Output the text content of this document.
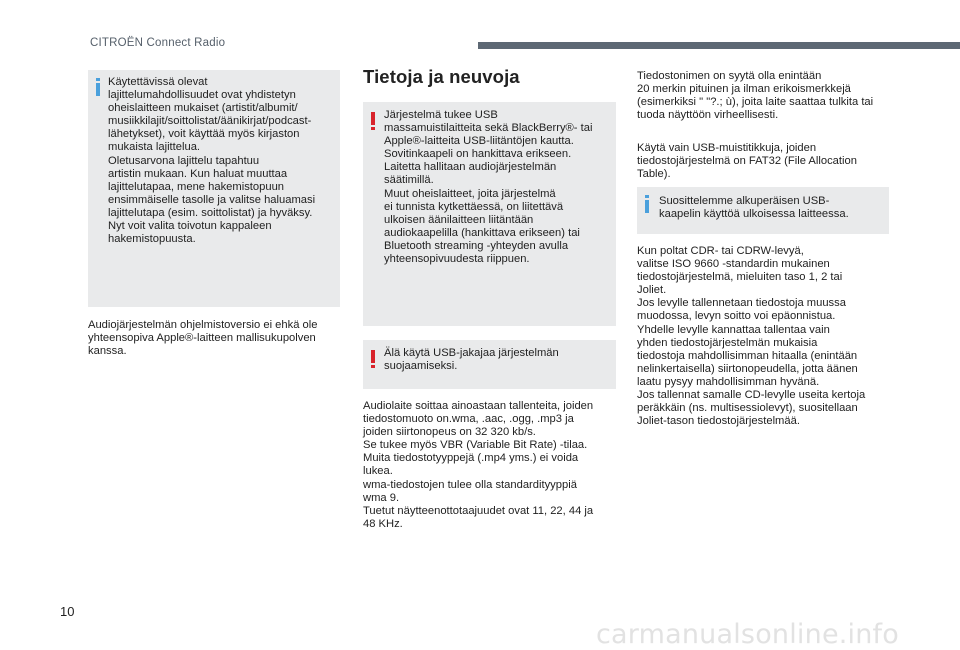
CITROËN Connect Radio

Käytettävissä olevat
lajittelumahdollisuudet ovat yhdistetyn
oheislaitteen mukaiset (artistit/albumit/
musiikkilajit/soittolistat/äänikirjat/podcast-
lähetykset), voit käyttää myös kirjaston
mukaista lajittelua.
Oletusarvona lajittelu tapahtuu
artistin mukaan. Kun haluat muuttaa
lajittelutapaa, mene hakemistopuun
ensimmäiselle tasolle ja valitse haluamasi
lajittelutapa (esim. soittolistat) ja hyväksy.
Nyt voit valita toivotun kappaleen
hakemistopuusta.

Audiojärjestelmän ohjelmistoversio ei ehkä ole
yhteensopiva Apple®-laitteen mallisukupolven
kanssa.

Tietoja ja neuvoja

Järjestelmä tukee USB
massamuistilaitteita sekä BlackBerry®- tai
Apple®-laitteita USB-liitäntöjen kautta.
Sovitinkaapeli on hankittava erikseen.
Laitetta hallitaan audiojärjestelmän
säätimillä.
Muut oheislaitteet, joita järjestelmä
ei tunnista kytkettäessä, on liitettävä
ulkoisen äänilaitteen liitäntään
audiokaapelilla (hankittava erikseen) tai
Bluetooth streaming -yhteyden avulla
yhteensopivuudesta riippuen.

Älä käytä USB-jakajaa järjestelmän
suojaamiseksi.

Audiolaite soittaa ainoastaan tallenteita, joiden
tiedostomuoto on.wma, .aac, .ogg, .mp3 ja
joiden siirtonopeus on 32 320 kb/s.
Se tukee myös VBR (Variable Bit Rate) -tilaa.
Muita tiedostotyyppejä (.mp4 yms.) ei voida
lukea.
wma-tiedostojen tulee olla standardityyppiä
wma 9.
Tuetut näytteenottotaajuudet ovat 11, 22, 44 ja
48 KHz.

Tiedostonimen on syytä olla enintään
20 merkin pituinen ja ilman erikoismerkkejä
(esimerkiksi " "?.; ù), joita laite saattaa tulkita tai
tuoda näyttöön virheellisesti.

Käytä vain USB-muistitikkuja, joiden
tiedostojärjestelmä on FAT32 (File Allocation
Table).

Suosittelemme alkuperäisen USB-
kaapelin käyttöä ulkoisessa laitteessa.

Kun poltat CDR- tai CDRW-levyä,
valitse ISO 9660 -standardin mukainen
tiedostojärjestelmä, mieluiten taso 1, 2 tai
Joliet.
Jos levylle tallennetaan tiedostoja muussa
muodossa, levyn soitto voi epäonnistua.
Yhdelle levylle kannattaa tallentaa vain
yhden tiedostojärjestelmän mukaisia
tiedostoja mahdollisimman hitaalla (enintään
nelinkertaisella) siirtonopeudella, jotta äänen
laatu pysyy mahdollisimman hyvänä.
Jos tallennat samalle CD-levylle useita kertoja
peräkkäin (ns. multisessiolevyt), suositellaan
Joliet-tason tiedostojärjestelmää.

10
carmanualsonline.info
